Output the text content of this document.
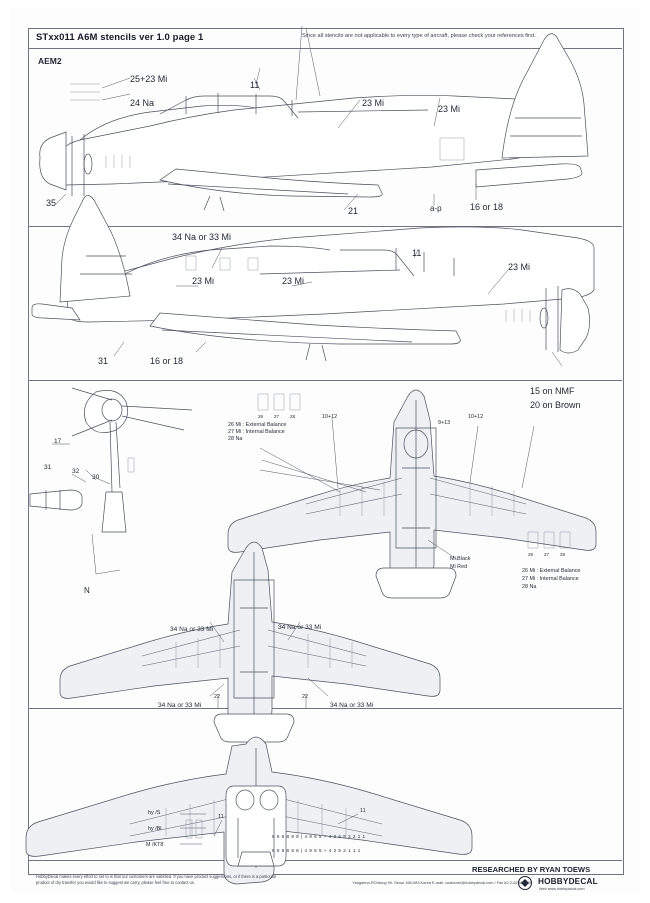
STxx011 A6M stencils ver 1.0 page 1	Since all stencils are not applicable to every type of aircraft, please check your references first.
AEM2
25+23 Mi
24 Na
11
23 Mi
23 Mi
35
21	a-p	16 or 18
34 Na or 33 Mi
23 Mi	23 Mi
11
23 Mi
31	16 or 18
15 on NMF
20 on Brown
17
31
32
30
N
26 Mi : External Balance
27 Mi : Internal Balance
28 Na
26 27 28	10+12
9+13
10+12
Mi Black
Mi Red
26 27 28
26 Mi : External Balance
27 Mi : Internal Balance
28 Na
34 Na or 33 Mi	34 Na or 33 Mi
34 Na or 33 Mi	34 Na or 33 Mi
22	22
hy /S
hy /Bl
M /KT8
11
11
8 8 8 8 8 8 | 4 9 6 5 + 4 2 6 9 2 2 1 1
8 8 8 8 8 8 | 4 9 6 5 + 4 2 5 2 1 1 1
HobbyDecal makes every effort to set to is that our customers are satisfied. If you have product suggestions, or if there is a particular product of dry transfer you would like to suggest we carry, please feel free to contact us.
RESEARCHED BY RYAN TOEWS
Yangdeun-RO/dong 90, Seoul 158-083 Korea E-mail: customer@hobbydecal.com / Fax 82-2-6234-6506 HOBBYDECAL
Web www.hobbydecal.com
